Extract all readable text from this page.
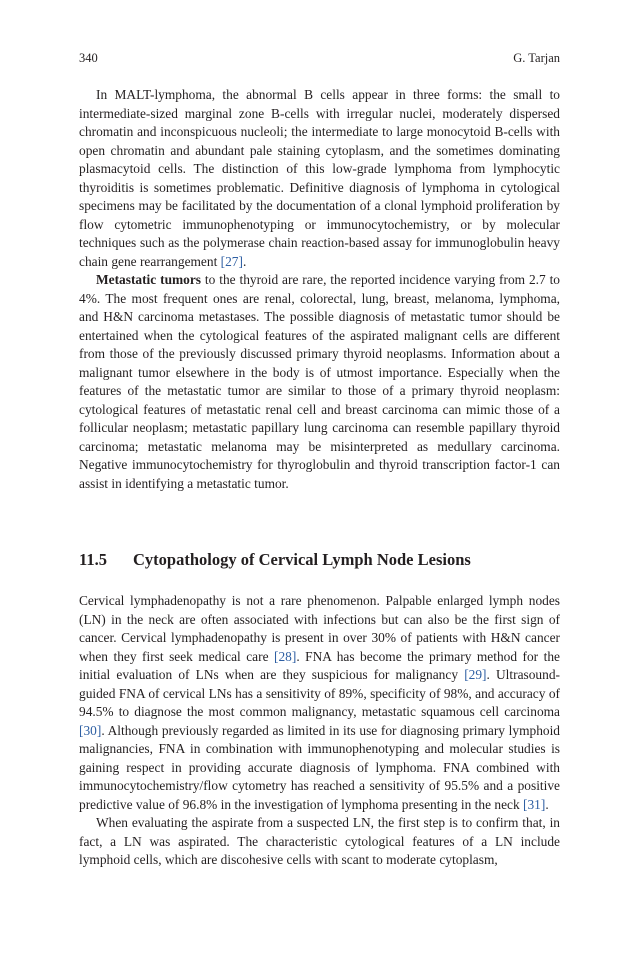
340	G. Tarjan

In MALT-lymphoma, the abnormal B cells appear in three forms: the small to intermediate-sized marginal zone B-cells with irregular nuclei, moderately dispersed chromatin and inconspicuous nucleoli; the intermediate to large monocytoid B-cells with open chromatin and abundant pale staining cytoplasm, and the sometimes dominating plasmacytoid cells. The distinction of this low-grade lymphoma from lymphocytic thyroiditis is sometimes problematic. Definitive diagnosis of lymphoma in cytological specimens may be facilitated by the documentation of a clonal lymphoid proliferation by flow cytometric immunophenotyping or immunocytochemistry, or by molecular techniques such as the polymerase chain reaction-based assay for immunoglobulin heavy chain gene rearrangement [27].

Metastatic tumors to the thyroid are rare, the reported incidence varying from 2.7 to 4%. The most frequent ones are renal, colorectal, lung, breast, melanoma, lymphoma, and H&N carcinoma metastases. The possible diagnosis of metastatic tumor should be entertained when the cytological features of the aspirated malignant cells are different from those of the previously discussed primary thyroid neoplasms. Information about a malignant tumor elsewhere in the body is of utmost importance. Especially when the features of the metastatic tumor are similar to those of a primary thyroid neoplasm: cytological features of metastatic renal cell and breast carcinoma can mimic those of a follicular neoplasm; metastatic papillary lung carcinoma can resemble papillary thyroid carcinoma; metastatic melanoma may be misinterpreted as medullary carcinoma. Negative immunocytochemistry for thyroglobulin and thyroid transcription factor-1 can assist in identifying a metastatic tumor.

11.5 Cytopathology of Cervical Lymph Node Lesions

Cervical lymphadenopathy is not a rare phenomenon. Palpable enlarged lymph nodes (LN) in the neck are often associated with infections but can also be the first sign of cancer. Cervical lymphadenopathy is present in over 30% of patients with H&N cancer when they first seek medical care [28]. FNA has become the primary method for the initial evaluation of LNs when are they suspicious for malignancy [29]. Ultrasound-guided FNA of cervical LNs has a sensitivity of 89%, specificity of 98%, and accuracy of 94.5% to diagnose the most common malignancy, metastatic squamous cell carcinoma [30]. Although previously regarded as limited in its use for diagnosing primary lymphoid malignancies, FNA in combination with immunophenotyping and molecular studies is gaining respect in providing accurate diagnosis of lymphoma. FNA combined with immunocytochemistry/flow cytometry has reached a sensitivity of 95.5% and a positive predictive value of 96.8% in the investigation of lymphoma presenting in the neck [31].

When evaluating the aspirate from a suspected LN, the first step is to confirm that, in fact, a LN was aspirated. The characteristic cytological features of a LN include lymphoid cells, which are discohesive cells with scant to moderate cytoplasm,
